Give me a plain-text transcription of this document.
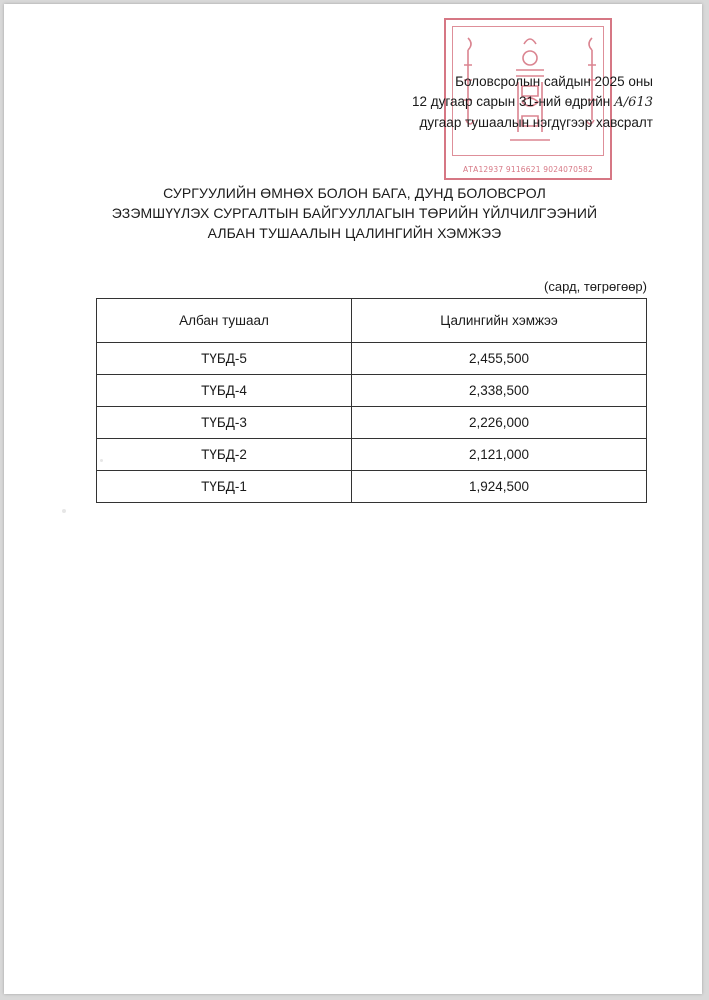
АТА12937 9116621 9024070582
Боловсролын сайдын 2025 оны
12 дугаар сарын 31-ний өдрийн А/613
дугаар тушаалын нэгдүгээр хавсралт
СУРГУУЛИЙН ӨМНӨХ БОЛОН БАГА, ДУНД БОЛОВСРОЛ
ЭЗЭМШҮҮЛЭХ СУРГАЛТЫН БАЙГУУЛЛАГЫН ТӨРИЙН ҮЙЛЧИЛГЭЭНИЙ
АЛБАН ТУШААЛЫН ЦАЛИНГИЙН ХЭМЖЭЭ
(сард, төгрөгөөр)
Албан тушаал	Цалингийн хэмжээ
ТҮБД-5	2,455,500
ТҮБД-4	2,338,500
ТҮБД-3	2,226,000
ТҮБД-2	2,121,000
ТҮБД-1	1,924,500
